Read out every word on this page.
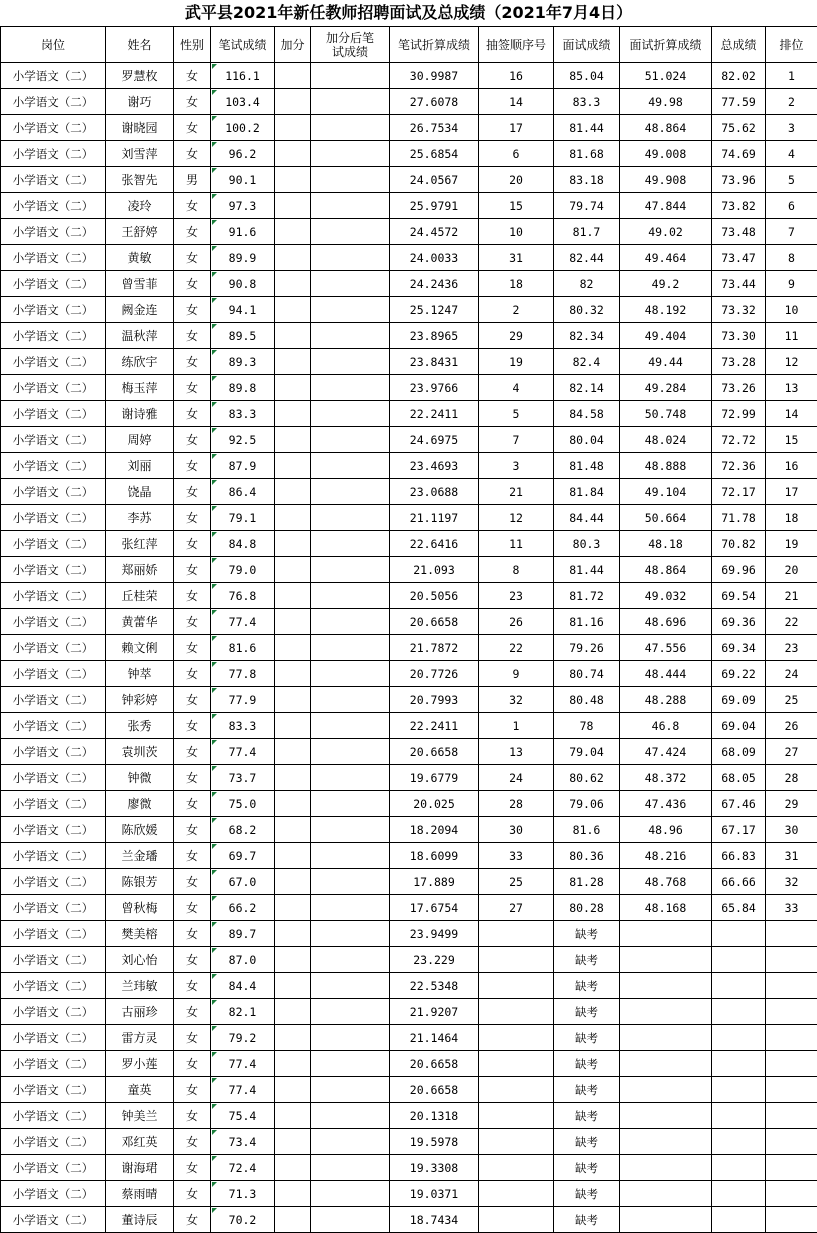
武平县2021年新任教师招聘面试及总成绩（2021年7月4日）
岗位	姓名	性别	笔试成绩	加分	加分后笔试成绩	笔试折算成绩	抽签顺序号	面试成绩	面试折算成绩	总成绩	排位
小学语文（二）	罗慧枚	女	116.1			30.9987	16	85.04	51.024	82.02	1
小学语文（二）	谢巧	女	103.4			27.6078	14	83.3	49.98	77.59	2
小学语文（二）	谢晓园	女	100.2			26.7534	17	81.44	48.864	75.62	3
小学语文（二）	刘雪萍	女	96.2			25.6854	6	81.68	49.008	74.69	4
小学语文（二）	张智先	男	90.1			24.0567	20	83.18	49.908	73.96	5
小学语文（二）	凌玲	女	97.3			25.9791	15	79.74	47.844	73.82	6
小学语文（二）	王舒婷	女	91.6			24.4572	10	81.7	49.02	73.48	7
小学语文（二）	黄敏	女	89.9			24.0033	31	82.44	49.464	73.47	8
小学语文（二）	曾雪菲	女	90.8			24.2436	18	82	49.2	73.44	9
小学语文（二）	阙金连	女	94.1			25.1247	2	80.32	48.192	73.32	10
小学语文（二）	温秋萍	女	89.5			23.8965	29	82.34	49.404	73.30	11
小学语文（二）	练欣宇	女	89.3			23.8431	19	82.4	49.44	73.28	12
小学语文（二）	梅玉萍	女	89.8			23.9766	4	82.14	49.284	73.26	13
小学语文（二）	谢诗雅	女	83.3			22.2411	5	84.58	50.748	72.99	14
小学语文（二）	周婷	女	92.5			24.6975	7	80.04	48.024	72.72	15
小学语文（二）	刘丽	女	87.9			23.4693	3	81.48	48.888	72.36	16
小学语文（二）	饶晶	女	86.4			23.0688	21	81.84	49.104	72.17	17
小学语文（二）	李苏	女	79.1			21.1197	12	84.44	50.664	71.78	18
小学语文（二）	张红萍	女	84.8			22.6416	11	80.3	48.18	70.82	19
小学语文（二）	郑丽娇	女	79.0			21.093	8	81.44	48.864	69.96	20
小学语文（二）	丘桂荣	女	76.8			20.5056	23	81.72	49.032	69.54	21
小学语文（二）	黄蕾华	女	77.4			20.6658	26	81.16	48.696	69.36	22
小学语文（二）	赖文俐	女	81.6			21.7872	22	79.26	47.556	69.34	23
小学语文（二）	钟萃	女	77.8			20.7726	9	80.74	48.444	69.22	24
小学语文（二）	钟彩婷	女	77.9			20.7993	32	80.48	48.288	69.09	25
小学语文（二）	张秀	女	83.3			22.2411	1	78	46.8	69.04	26
小学语文（二）	袁圳茨	女	77.4			20.6658	13	79.04	47.424	68.09	27
小学语文（二）	钟微	女	73.7			19.6779	24	80.62	48.372	68.05	28
小学语文（二）	廖微	女	75.0			20.025	28	79.06	47.436	67.46	29
小学语文（二）	陈欣媛	女	68.2			18.2094	30	81.6	48.96	67.17	30
小学语文（二）	兰金璠	女	69.7			18.6099	33	80.36	48.216	66.83	31
小学语文（二）	陈银芳	女	67.0			17.889	25	81.28	48.768	66.66	32
小学语文（二）	曾秋梅	女	66.2			17.6754	27	80.28	48.168	65.84	33
小学语文（二）	樊美榕	女	89.7			23.9499		缺考			
小学语文（二）	刘心怡	女	87.0			23.229		缺考			
小学语文（二）	兰玮敏	女	84.4			22.5348		缺考			
小学语文（二）	古丽珍	女	82.1			21.9207		缺考			
小学语文（二）	雷方灵	女	79.2			21.1464		缺考			
小学语文（二）	罗小莲	女	77.4			20.6658		缺考			
小学语文（二）	童英	女	77.4			20.6658		缺考			
小学语文（二）	钟美兰	女	75.4			20.1318		缺考			
小学语文（二）	邓红英	女	73.4			19.5978		缺考			
小学语文（二）	谢海珺	女	72.4			19.3308		缺考			
小学语文（二）	蔡雨晴	女	71.3			19.0371		缺考			
小学语文（二）	董诗辰	女	70.2			18.7434		缺考			
